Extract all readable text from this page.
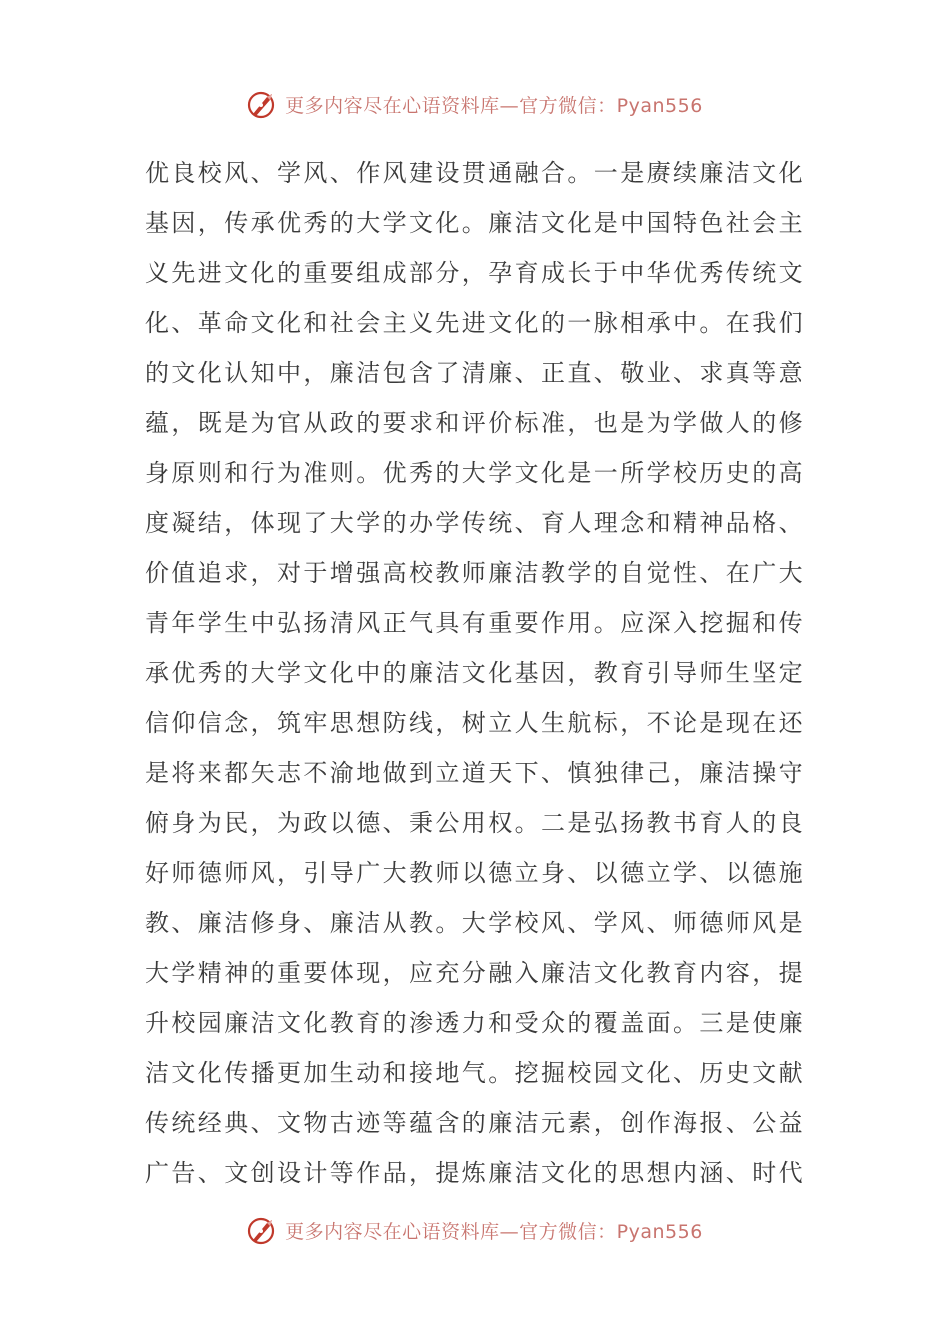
更多内容尽在心语资料库—官方微信：Pyan556
优良校风、学风、作风建设贯通融合。一是赓续廉洁文化
基因，传承优秀的大学文化。廉洁文化是中国特色社会主
义先进文化的重要组成部分，孕育成长于中华优秀传统文
化、革命文化和社会主义先进文化的一脉相承中。在我们
的文化认知中，廉洁包含了清廉、正直、敬业、求真等意
蕴，既是为官从政的要求和评价标准，也是为学做人的修
身原则和行为准则。优秀的大学文化是一所学校历史的高
度凝结，体现了大学的办学传统、育人理念和精神品格、
价值追求，对于增强高校教师廉洁教学的自觉性、在广大
青年学生中弘扬清风正气具有重要作用。应深入挖掘和传
承优秀的大学文化中的廉洁文化基因，教育引导师生坚定
信仰信念，筑牢思想防线，树立人生航标，不论是现在还
是将来都矢志不渝地做到立道天下、慎独律己，廉洁操守
俯身为民，为政以德、秉公用权。二是弘扬教书育人的良
好师德师风，引导广大教师以德立身、以德立学、以德施
教、廉洁修身、廉洁从教。大学校风、学风、师德师风是
大学精神的重要体现，应充分融入廉洁文化教育内容，提
升校园廉洁文化教育的渗透力和受众的覆盖面。三是使廉
洁文化传播更加生动和接地气。挖掘校园文化、历史文献
传统经典、文物古迹等蕴含的廉洁元素，创作海报、公益
广告、文创设计等作品，提炼廉洁文化的思想内涵、时代
更多内容尽在心语资料库—官方微信：Pyan556
